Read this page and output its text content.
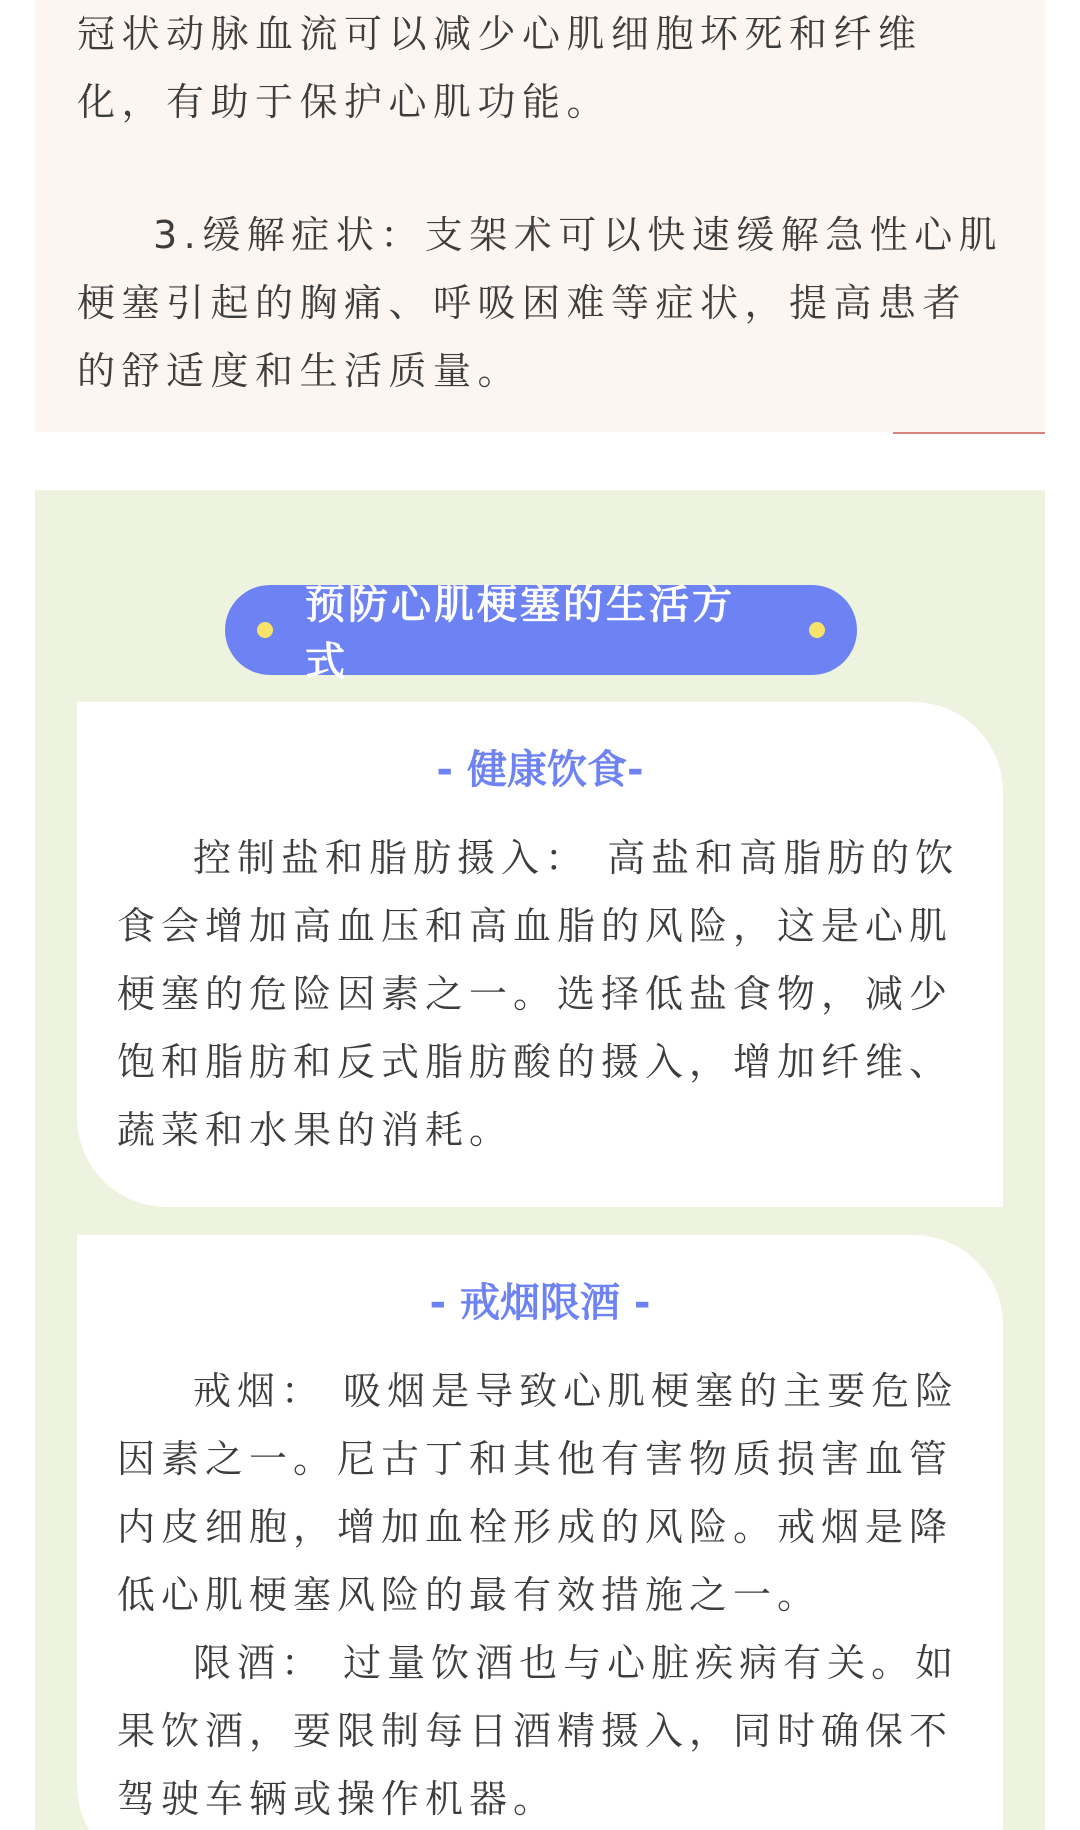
冠状动脉血流可以减少心肌细胞坏死和纤维化，有助于保护心肌功能。

3.缓解症状：支架术可以快速缓解急性心肌梗塞引起的胸痛、呼吸困难等症状，提高患者的舒适度和生活质量。

预防心肌梗塞的生活方式
- 健康饮食-

控制盐和脂肪摄入： 高盐和高脂肪的饮食会增加高血压和高血脂的风险，这是心肌梗塞的危险因素之一。选择低盐食物，减少饱和脂肪和反式脂肪酸的摄入，增加纤维、蔬菜和水果的消耗。

- 戒烟限酒 -

戒烟： 吸烟是导致心肌梗塞的主要危险因素之一。尼古丁和其他有害物质损害血管内皮细胞，增加血栓形成的风险。戒烟是降低心肌梗塞风险的最有效措施之一。

限酒： 过量饮酒也与心脏疾病有关。如果饮酒，要限制每日酒精摄入，同时确保不驾驶车辆或操作机器。
